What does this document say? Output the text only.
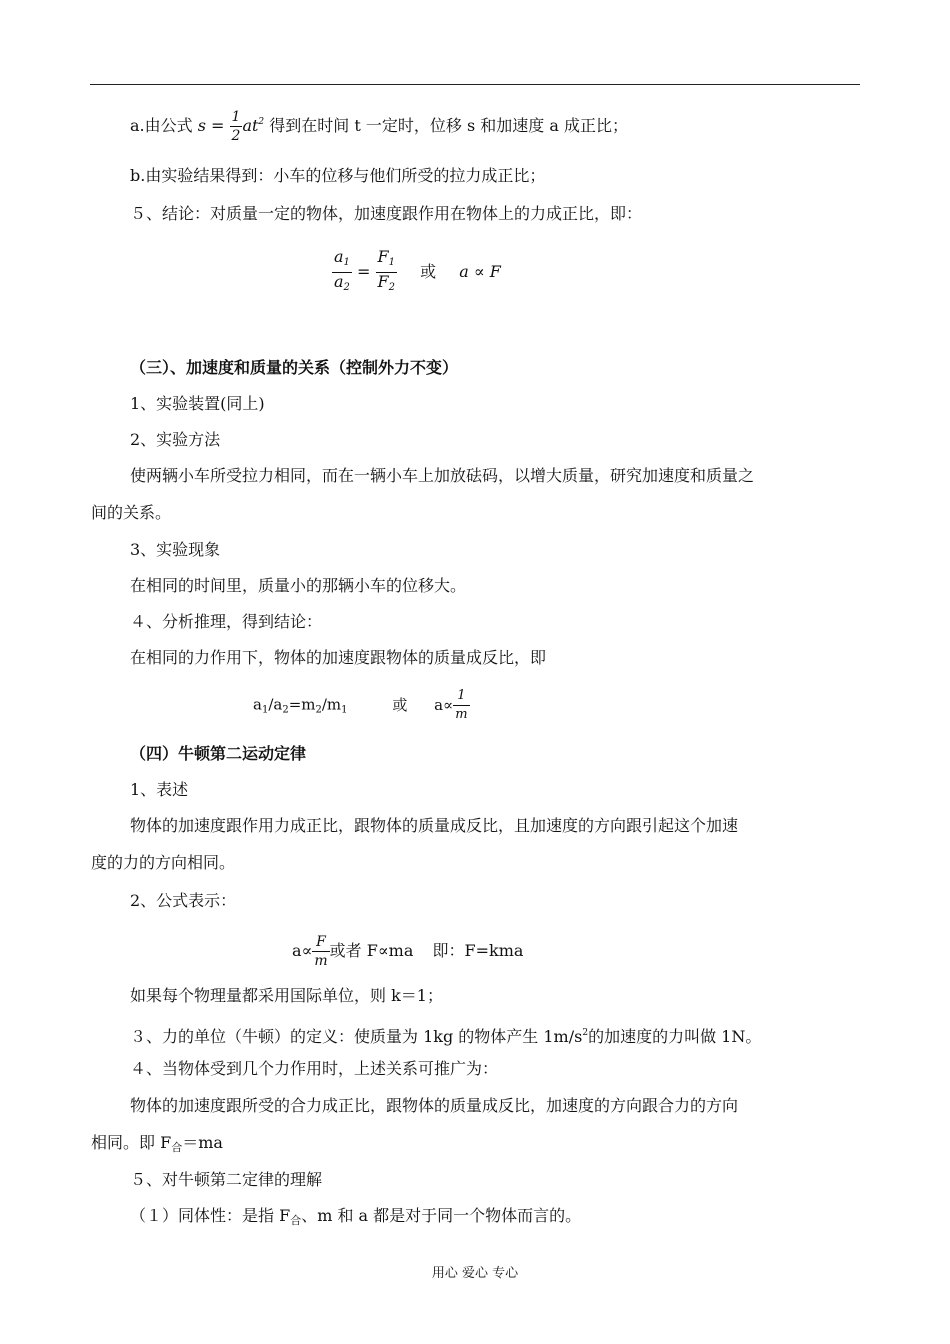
a.由公式 $s = \frac{1}{2} at^2$ 得到在时间 t 一定时，位移 s 和加速度 a 成正比；
b.由实验结果得到：小车的位移与他们所受的拉力成正比；
５、结论：对质量一定的物体，加速度跟作用在物体上的力成正比，即：
$\frac{a_1}{a_2} = \frac{F_1}{F_2}$ 或 a ∝ F
（三）、加速度和质量的关系（控制外力不变）
1、实验装置(同上)
2、实验方法
使两辆小车所受拉力相同，而在一辆小车上加放砝码，以增大质量，研究加速度和质量之
间的关系。
3、实验现象
在相同的时间里，质量小的那辆小车的位移大。
４、分析推理，得到结论：
在相同的力作用下，物体的加速度跟物体的质量成反比，即
$a_1/a_2=m_2/m_1$	或 $a\propto \frac{1}{m}$
（四）牛顿第二运动定律
1、表述
物体的加速度跟作用力成正比，跟物体的质量成反比，且加速度的方向跟引起这个加速
度的力的方向相同。
2、公式表示：
$a\propto \frac{F}{m}$ 或者 F∝ma 即：F=kma
如果每个物理量都采用国际单位，则 k＝1；
３、力的单位（牛顿）的定义：使质量为 1kg 的物体产生 $1m/s^2$的加速度的力叫做 1N。
４、当物体受到几个力作用时，上述关系可推广为：
物体的加速度跟所受的合力成正比，跟物体的质量成反比，加速度的方向跟合力的方向
相同。即 $F_合=ma$
５、对牛顿第二定律的理解
（１）同体性：是指 $F_合$、m 和 a 都是对于同一个物体而言的。
用心 爱心 专心
